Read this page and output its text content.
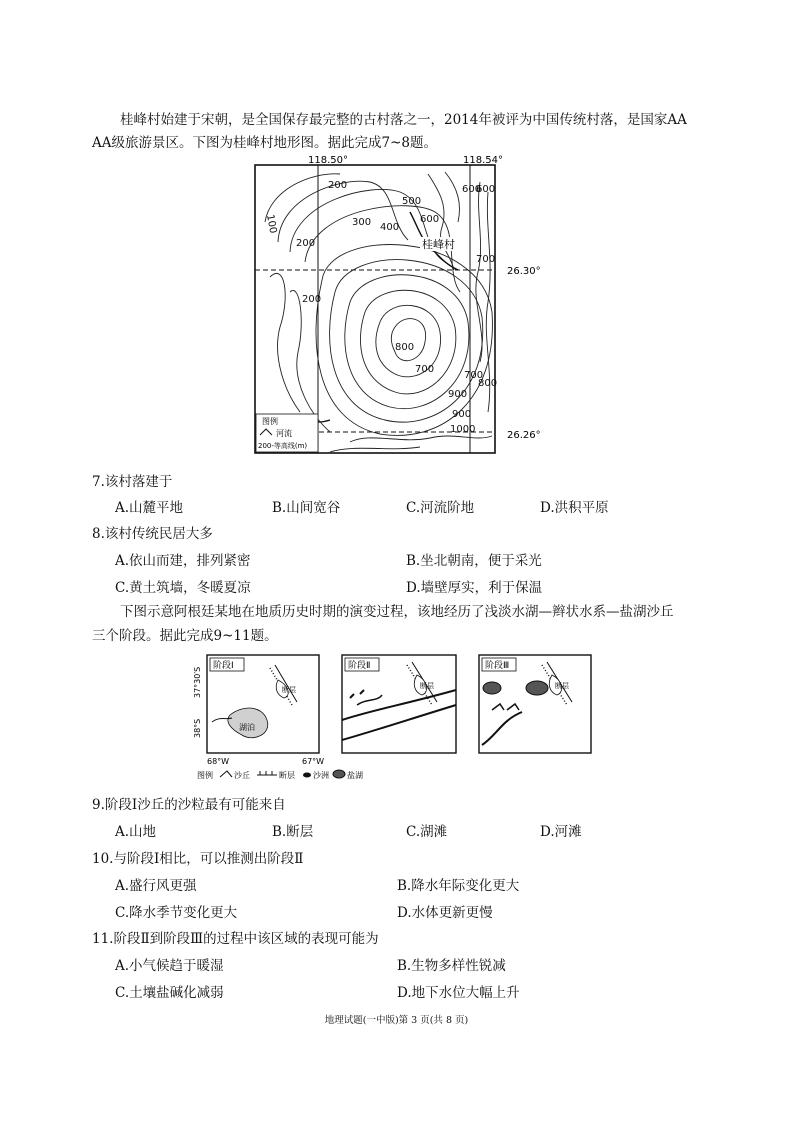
桂峰村始建于宋朝，是全国保存最完整的古村落之一，2014年被评为中国传统村落，是国家AA
AA级旅游景区。下图为桂峰村地形图。据此完成7~8题。
桂峰村
100
200
200
200
300 400
500
600
700
800
900
1000
900
800
700
600
700
600
118.50°	118.54°
26.30°
26.26°
图例
河流
200-等高线(m)
7.该村落建于
A.山麓平地	B.山间宽谷	C.河流阶地	D.洪积平原
8.该村传统民居大多
A.依山而建，排列紧密	B.坐北朝南，便于采光
C.黄土筑墙，冬暖夏凉	D.墙壁厚实，利于保温
下图示意阿根廷某地在地质历史时期的演变过程，该地经历了浅淡水湖—辫状水系—盐湖沙丘
三个阶段。据此完成9~11题。
阶段Ⅰ
断层
湖泊
阶段Ⅱ
断层
阶段Ⅲ
断层
37°30′S
38°S
68°W	67°W
图例	沙丘	断层 沙洲 盐湖
9.阶段Ⅰ沙丘的沙粒最有可能来自
A.山地	B.断层	C.湖滩	D.河滩
10.与阶段Ⅰ相比，可以推测出阶段Ⅱ
A.盛行风更强	B.降水年际变化更大
C.降水季节变化更大	D.水体更新更慢
11.阶段Ⅱ到阶段Ⅲ的过程中该区域的表现可能为
A.小气候趋于暖湿	B.生物多样性锐减
C.土壤盐碱化减弱	D.地下水位大幅上升
地理试题(一中版)第 3 页(共 8 页)
